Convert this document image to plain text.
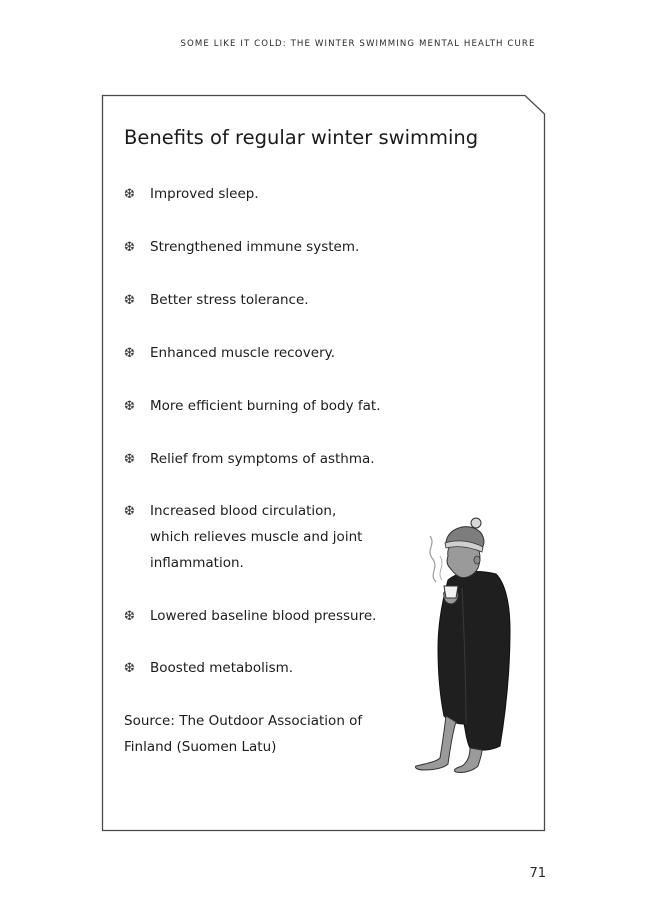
SOME LIKE IT COLD: THE WINTER SWIMMING MENTAL HEALTH CURE
Benefits of regular winter swimming
❆ Improved sleep.
❆ Strengthened immune system.
❆ Better stress tolerance.
❆ Enhanced muscle recovery.
❆ More efficient burning of body fat.
❆ Relief from symptoms of asthma.
❆ Increased blood circulation,
which relieves muscle and joint
inflammation.
❆ Lowered baseline blood pressure.
❆ Boosted metabolism.
Source: The Outdoor Association of
Finland (Suomen Latu)
71
